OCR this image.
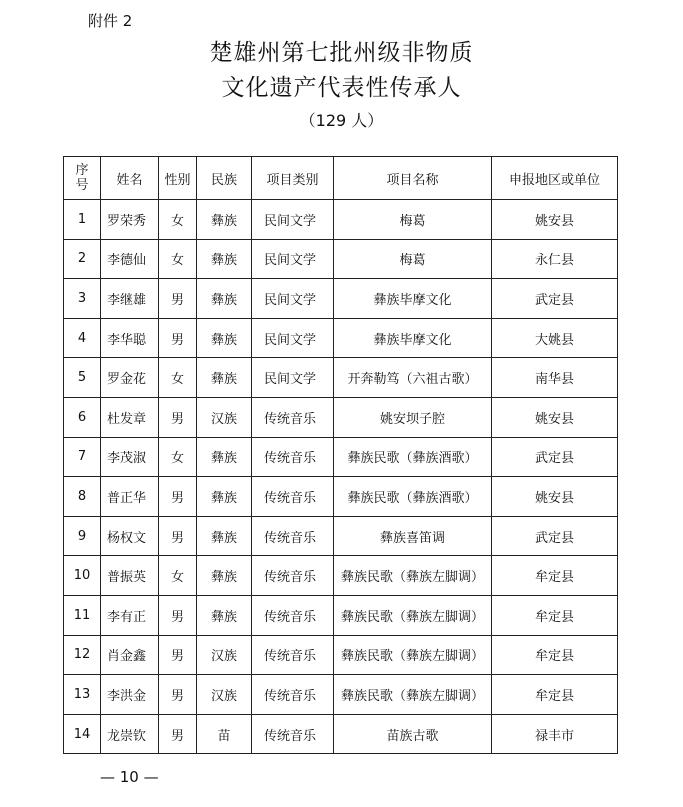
附件 2
楚雄州第七批州级非物质
文化遗产代表性传承人
（129 人）
序
号	姓名	性别	民族	项目类别	项目名称	申报地区或单位
1	罗荣秀	女	彝族	民间文学	梅葛	姚安县
2	李德仙	女	彝族	民间文学	梅葛	永仁县
3	李继雄	男	彝族	民间文学	彝族毕摩文化	武定县
4	李华聪	男	彝族	民间文学	彝族毕摩文化	大姚县
5	罗金花	女	彝族	民间文学	开奔勒笃（六祖古歌）	南华县
6	杜发章	男	汉族	传统音乐	姚安坝子腔	姚安县
7	李茂淑	女	彝族	传统音乐	彝族民歌（彝族酒歌）	武定县
8	普正华	男	彝族	传统音乐	彝族民歌（彝族酒歌）	姚安县
9	杨权文	男	彝族	传统音乐	彝族喜笛调	武定县
10	普振英	女	彝族	传统音乐	彝族民歌（彝族左脚调）	牟定县
11	李有正	男	彝族	传统音乐	彝族民歌（彝族左脚调）	牟定县
12	肖金鑫	男	汉族	传统音乐	彝族民歌（彝族左脚调）	牟定县
13	李洪金	男	汉族	传统音乐	彝族民歌（彝族左脚调）	牟定县
14	龙崇钦	男	苗	传统音乐	苗族古歌	禄丰市
— 10 —
